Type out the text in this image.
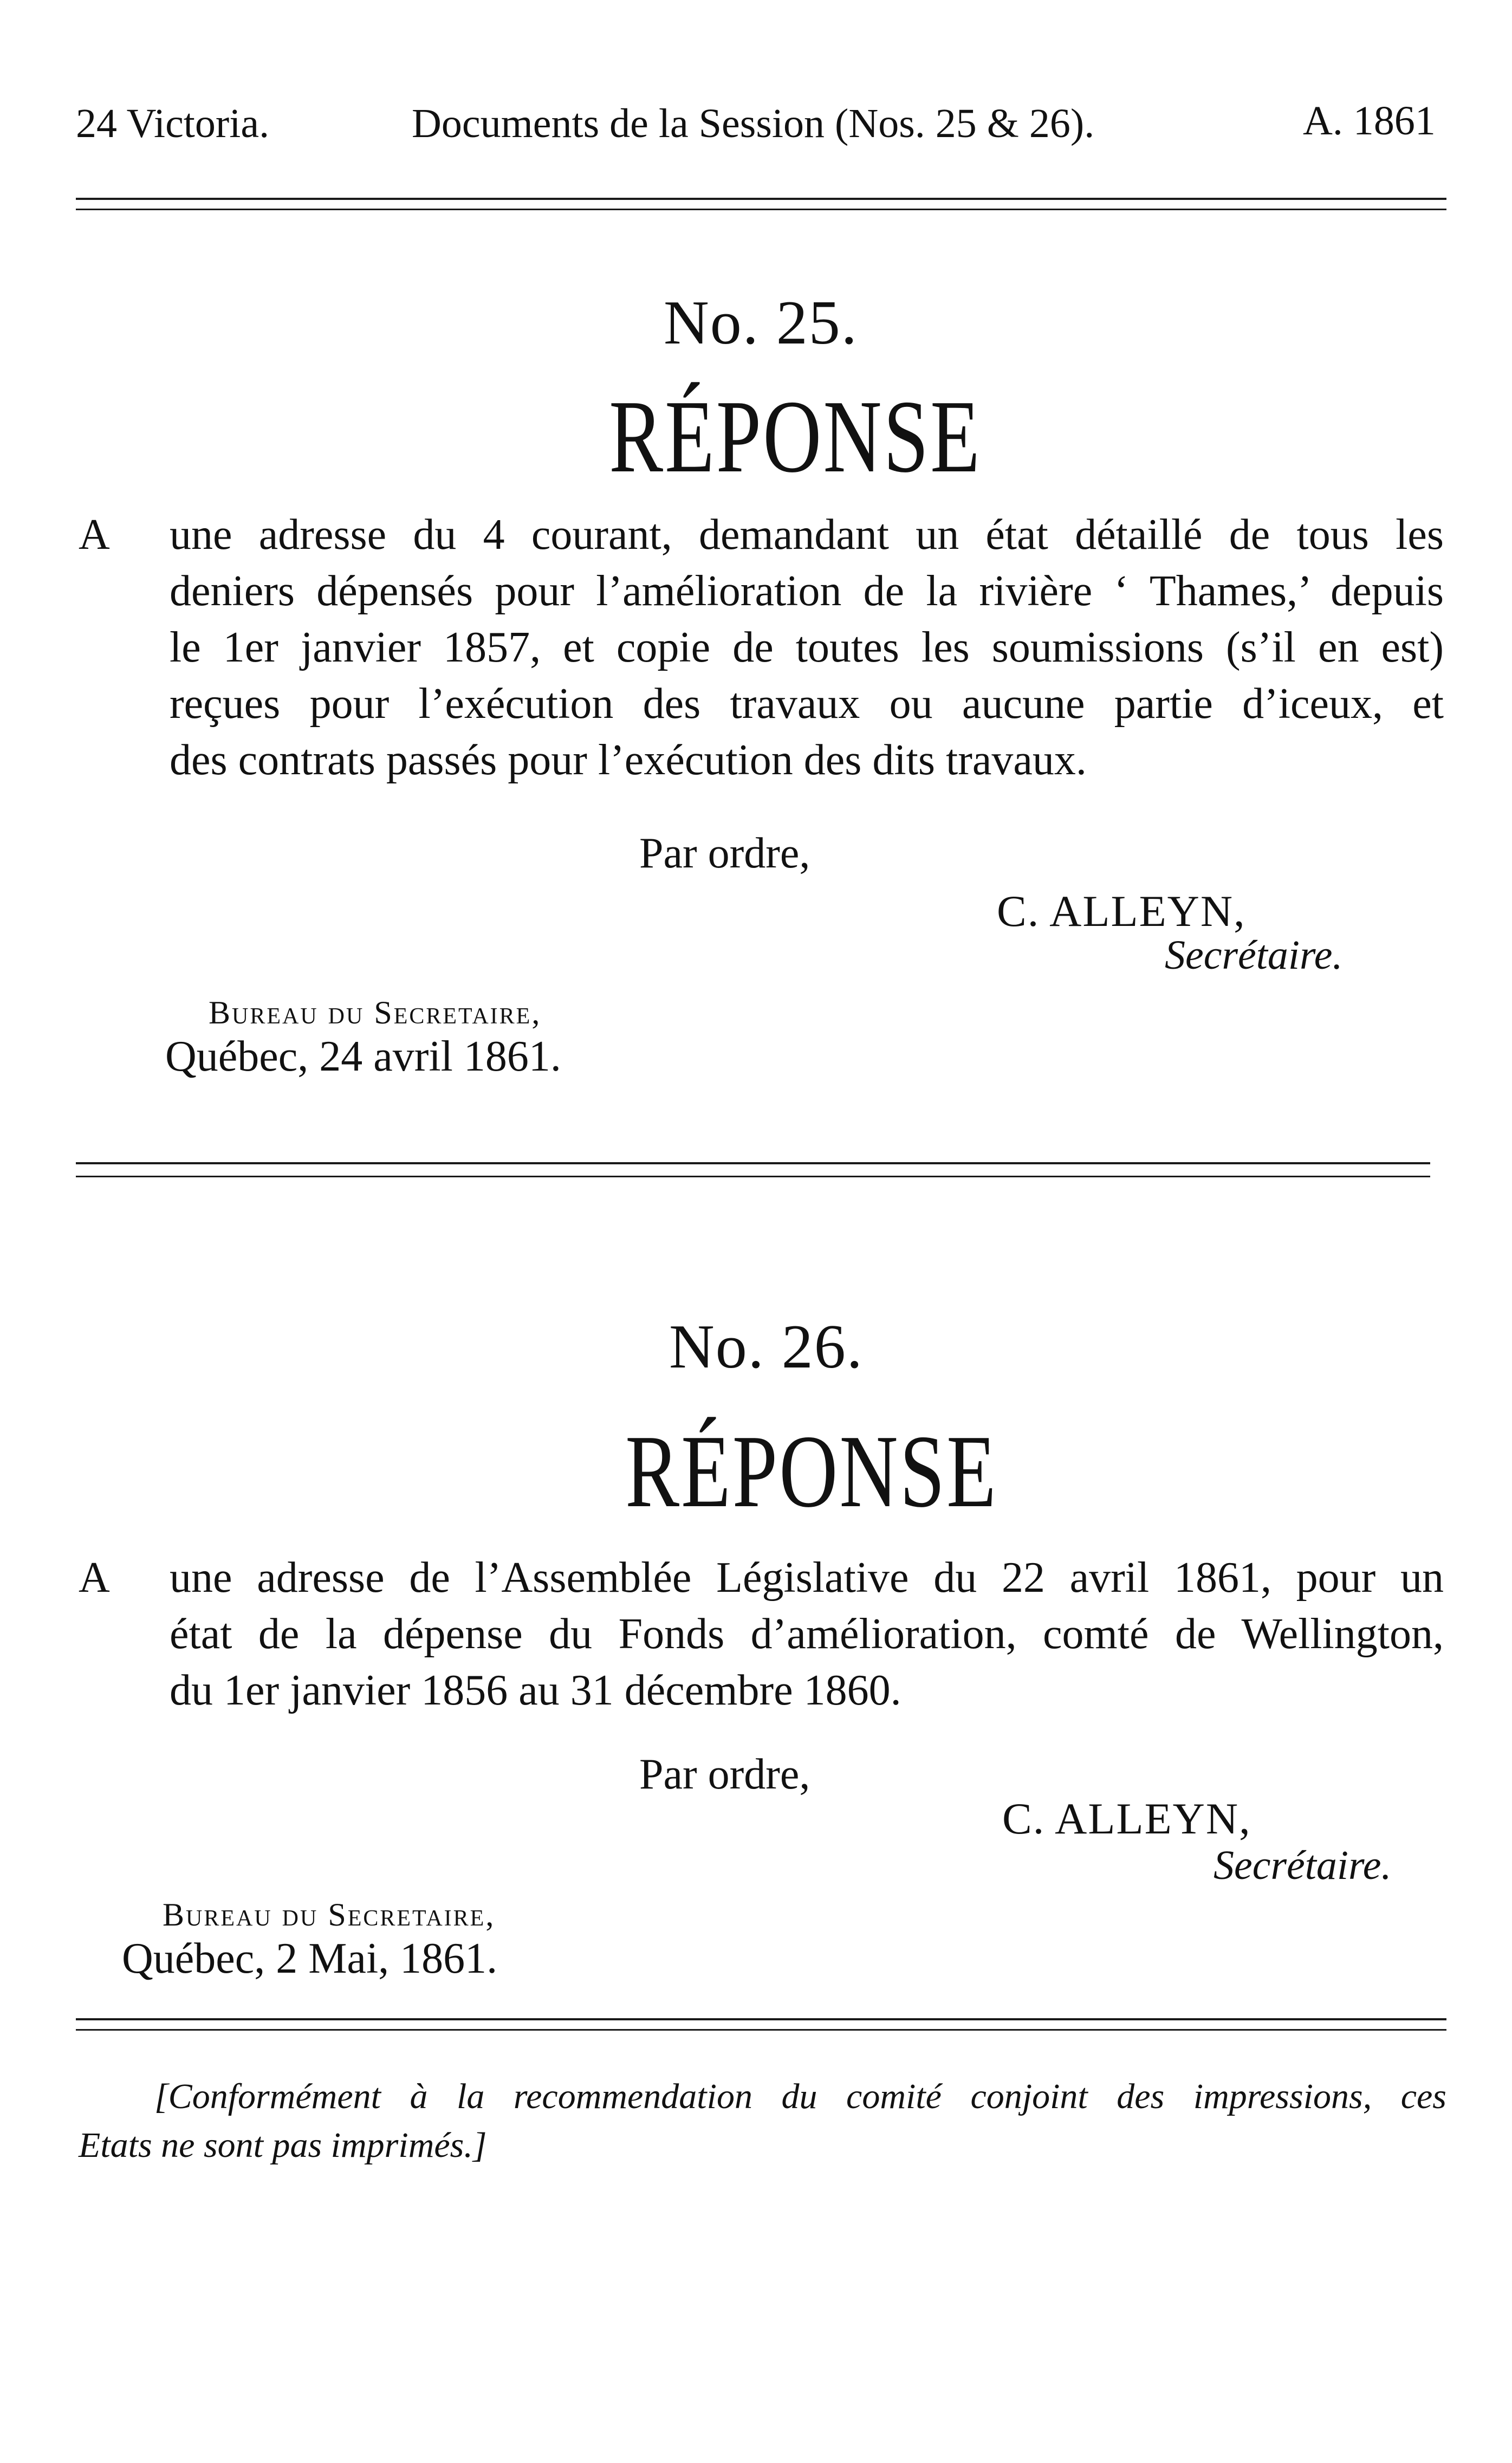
24 Victoria.	Documents de la Session (Nos. 25 & 26).	A. 1861
No. 25.
RÉPONSE
A une adresse du 4 courant, demandant un état détaillé de tous les
deniers dépensés pour l’amélioration de la rivière ‘ Thames,’ depuis
le 1er janvier 1857, et copie de toutes les soumissions (s’il en est)
reçues pour l’exécution des travaux ou aucune partie d’iceux, et
des contrats passés pour l’exécution des dits travaux.
Par ordre,
C. ALLEYN,
Secrétaire.
Bureau du Secretaire,
Québec, 24 avril 1861.
No. 26.
RÉPONSE
A une adresse de l’Assemblée Législative du 22 avril 1861, pour un
état de la dépense du Fonds d’amélioration, comté de Wellington,
du 1er janvier 1856 au 31 décembre 1860.
Par ordre,
C. ALLEYN,
Secrétaire.
Bureau du Secretaire,
Québec, 2 Mai, 1861.
[Conformément à la recommendation du comité conjoint des impressions, ces
Etats ne sont pas imprimés.]
